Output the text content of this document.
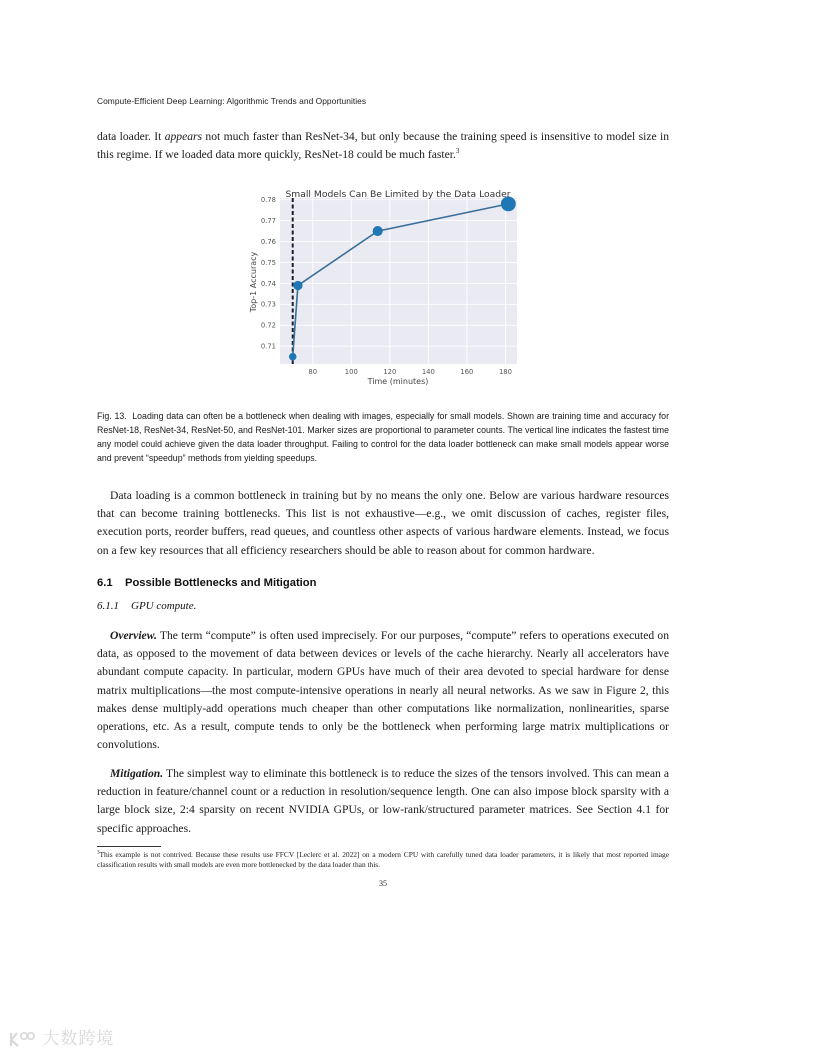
Compute-Efficient Deep Learning: Algorithmic Trends and Opportunities

data loader. It appears not much faster than ResNet-34, but only because the training speed is insensitive to model size in this regime. If we loaded data more quickly, ResNet-18 could be much faster.$^3$

80	100	120	140	160	180
0.71
0.72
0.73
0.74
0.75
0.76
0.77
0.78
Small Models Can Be Limited by the Data Loader
Time (minutes)
Top-1 Accuracy

Fig. 13. Loading data can often be a bottleneck when dealing with images, especially for small models. Shown are training time and accuracy for ResNet-18, ResNet-34, ResNet-50, and ResNet-101. Marker sizes are proportional to parameter counts. The vertical line indicates the fastest time any model could achieve given the data loader throughput. Failing to control for the data loader bottleneck can make small models appear worse and prevent “speedup” methods from yielding speedups.

Data loading is a common bottleneck in training but by no means the only one. Below are various hardware resources that can become training bottlenecks. This list is not exhaustive—e.g., we omit discussion of caches, register files, execution ports, reorder buffers, read queues, and countless other aspects of various hardware elements. Instead, we focus on a few key resources that all efficiency researchers should be able to reason about for common hardware.

6.1 Possible Bottlenecks and Mitigation
6.1.1 GPU compute.

Overview. The term “compute” is often used imprecisely. For our purposes, “compute” refers to operations executed on data, as opposed to the movement of data between devices or levels of the cache hierarchy. Nearly all accelerators have abundant compute capacity. In particular, modern GPUs have much of their area devoted to special hardware for dense matrix multiplications—the most compute-intensive operations in nearly all neural networks. As we saw in Figure 2, this makes dense multiply-add operations much cheaper than other computations like normalization, nonlinearities, sparse operations, etc. As a result, compute tends to only be the bottleneck when performing large matrix multiplications or convolutions.

Mitigation. The simplest way to eliminate this bottleneck is to reduce the sizes of the tensors involved. This can mean a reduction in feature/channel count or a reduction in resolution/sequence length. One can also impose block sparsity with a large block size, 2:4 sparsity on recent NVIDIA GPUs, or low-rank/structured parameter matrices. See Section 4.1 for specific approaches.

$^3$This example is not contrived. Because these results use FFCV [Leclerc et al. 2022] on a modern CPU with carefully tuned data loader parameters, it is likely that most reported image classification results with small models are even more bottlenecked by the data loader than this.

35
大数跨境
